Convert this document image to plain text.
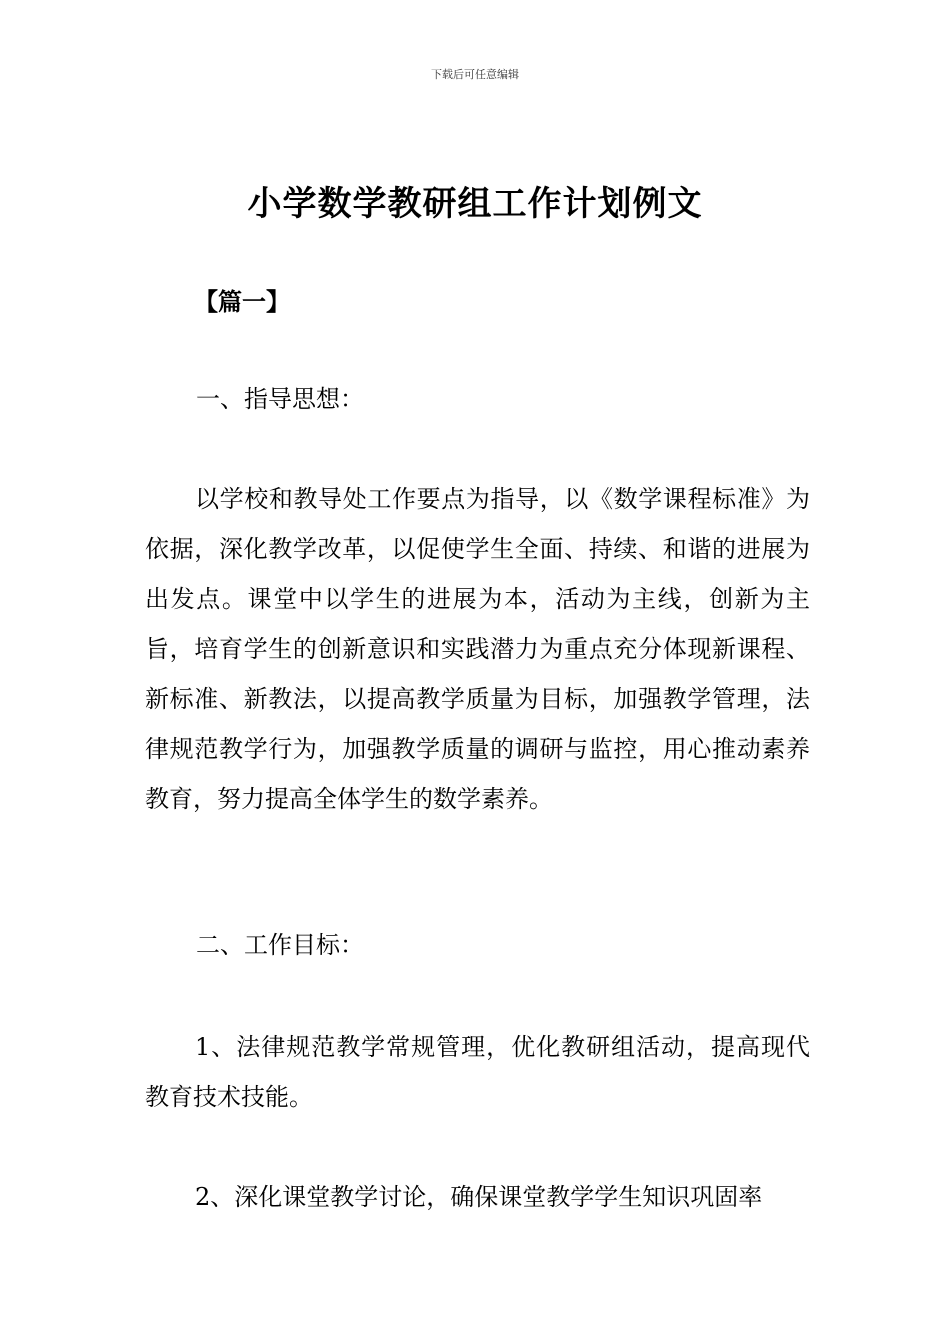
下载后可任意编辑
小学数学教研组工作计划例文
【篇一】
一、指导思想：

以学校和教导处工作要点为指导，以《数学课程标准》为依据，深化教学改革，以促使学生全面、持续、和谐的进展为出发点。课堂中以学生的进展为本，活动为主线，创新为主旨，培育学生的创新意识和实践潜力为重点充分体现新课程、新标准、新教法，以提高教学质量为目标，加强教学管理，法律规范教学行为，加强教学质量的调研与监控，用心推动素养教育，努力提高全体学生的数学素养。

二、工作目标：

1、法律规范教学常规管理，优化教研组活动，提高现代教育技术技能。

2、深化课堂教学讨论，确保课堂教学学生知识巩固率
